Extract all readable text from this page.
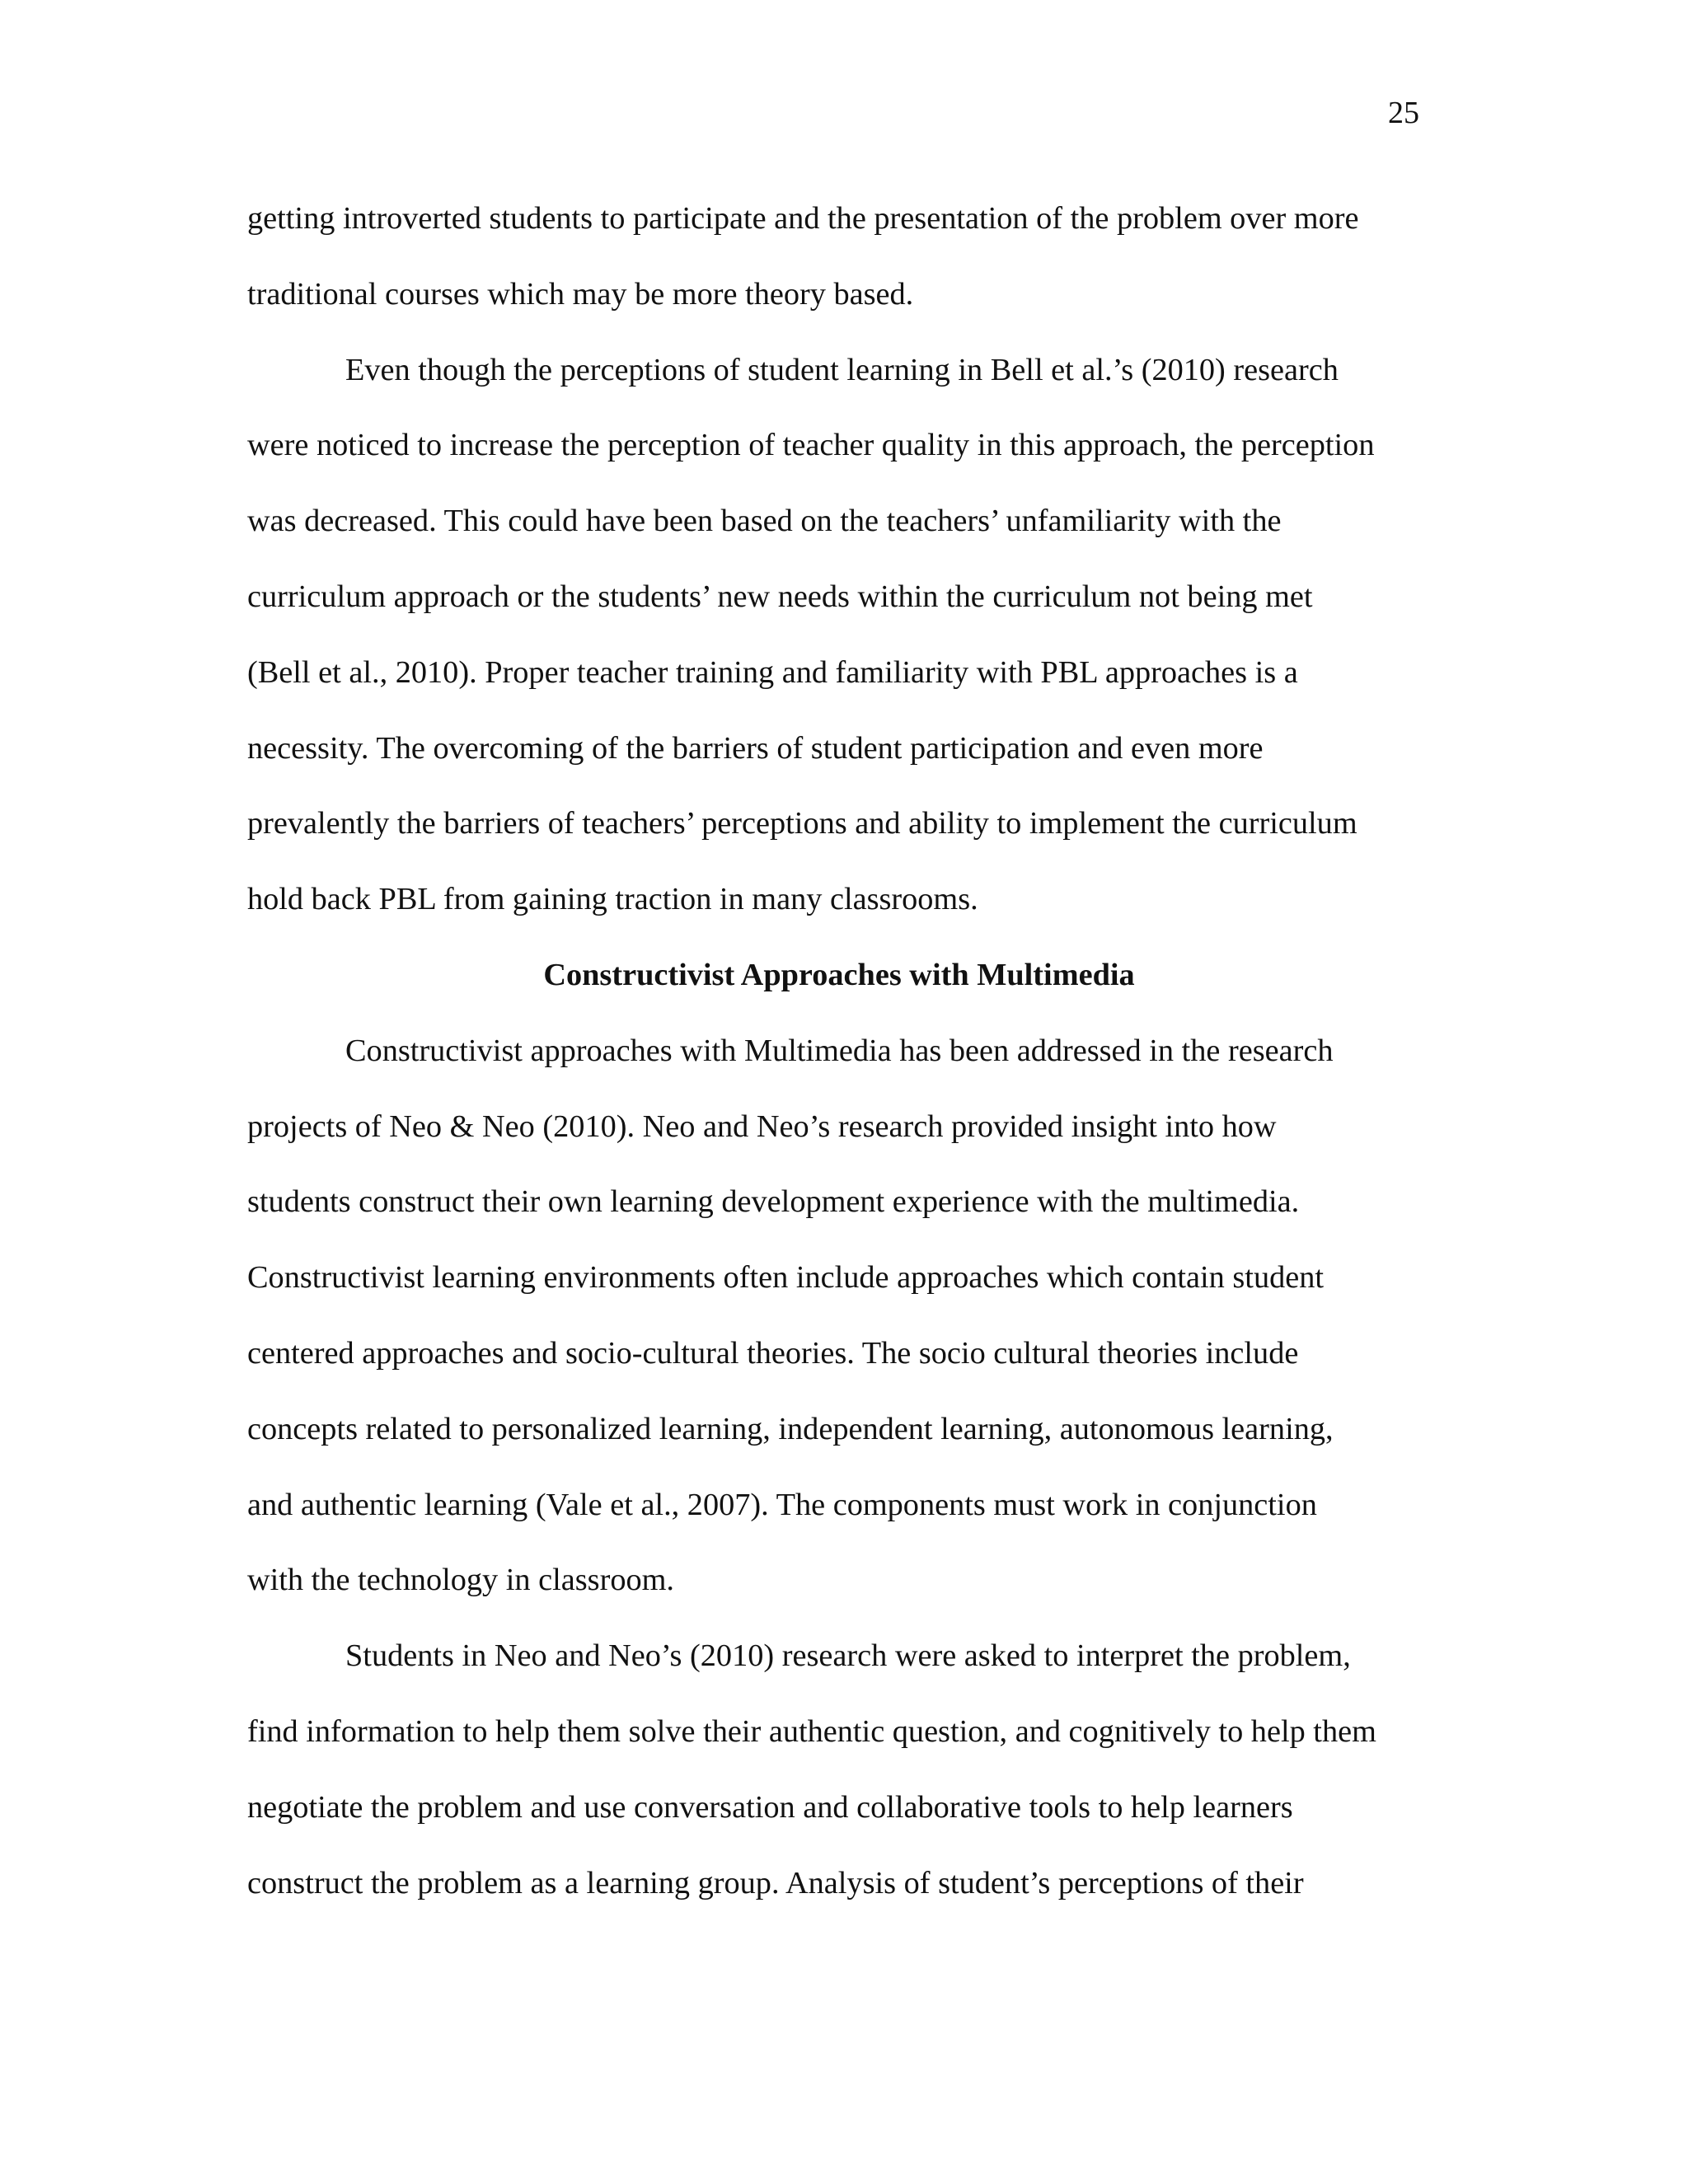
25
getting introverted students to participate and the presentation of the problem over more
traditional courses which may be more theory based.
Even though the perceptions of student learning in Bell et al.’s (2010) research
were noticed to increase the perception of teacher quality in this approach, the perception
was decreased. This could have been based on the teachers’ unfamiliarity with the
curriculum approach or the students’ new needs within the curriculum not being met
(Bell et al., 2010). Proper teacher training and familiarity with PBL approaches is a
necessity. The overcoming of the barriers of student participation and even more
prevalently the barriers of teachers’ perceptions and ability to implement the curriculum
hold back PBL from gaining traction in many classrooms.
Constructivist Approaches with Multimedia
Constructivist approaches with Multimedia has been addressed in the research
projects of Neo & Neo (2010). Neo and Neo’s research provided insight into how
students construct their own learning development experience with the multimedia.
Constructivist learning environments often include approaches which contain student
centered approaches and socio-cultural theories. The socio cultural theories include
concepts related to personalized learning, independent learning, autonomous learning,
and authentic learning (Vale et al., 2007). The components must work in conjunction
with the technology in classroom.
Students in Neo and Neo’s (2010) research were asked to interpret the problem,
find information to help them solve their authentic question, and cognitively to help them
negotiate the problem and use conversation and collaborative tools to help learners
construct the problem as a learning group. Analysis of student’s perceptions of their
